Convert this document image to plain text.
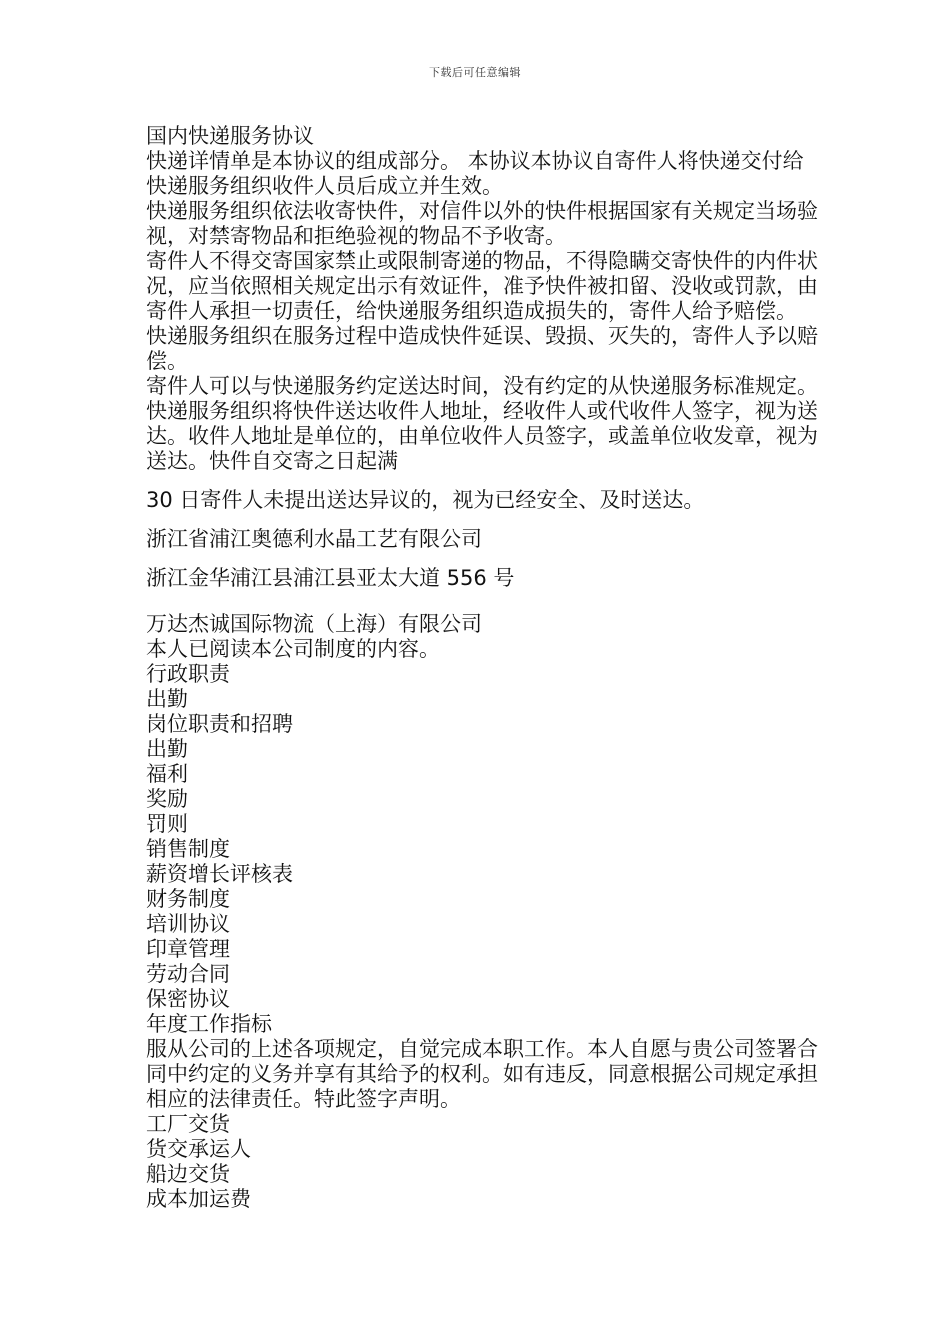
下载后可任意编辑

国内快递服务协议

快递详情单是本协议的组成部分。 本协议本协议自寄件人将快递交付给快递服务组织收件人员后成立并生效。

快递服务组织依法收寄快件，对信件以外的快件根据国家有关规定当场验视，对禁寄物品和拒绝验视的物品不予收寄。

寄件人不得交寄国家禁止或限制寄递的物品，不得隐瞒交寄快件的内件状况，应当依照相关规定出示有效证件，准予快件被扣留、没收或罚款，由寄件人承担一切责任，给快递服务组织造成损失的，寄件人给予赔偿。

快递服务组织在服务过程中造成快件延误、毁损、灭失的，寄件人予以赔偿。

寄件人可以与快递服务约定送达时间，没有约定的从快递服务标准规定。快递服务组织将快件送达收件人地址，经收件人或代收件人签字，视为送达。收件人地址是单位的，由单位收件人员签字，或盖单位收发章，视为送达。快件自交寄之日起满

30 日寄件人未提出送达异议的，视为已经安全、及时送达。

浙江省浦江奥德利水晶工艺有限公司

浙江金华浦江县浦江县亚太大道 556 号

万达杰诚国际物流（上海）有限公司

本人已阅读本公司制度的内容。

行政职责

出勤

岗位职责和招聘

出勤

福利

奖励

罚则

销售制度

薪资增长评核表

财务制度

培训协议

印章管理

劳动合同

保密协议

年度工作指标

服从公司的上述各项规定，自觉完成本职工作。本人自愿与贵公司签署合同中约定的义务并享有其给予的权利。如有违反，同意根据公司规定承担相应的法律责任。特此签字声明。

工厂交货

货交承运人

船边交货

成本加运费
